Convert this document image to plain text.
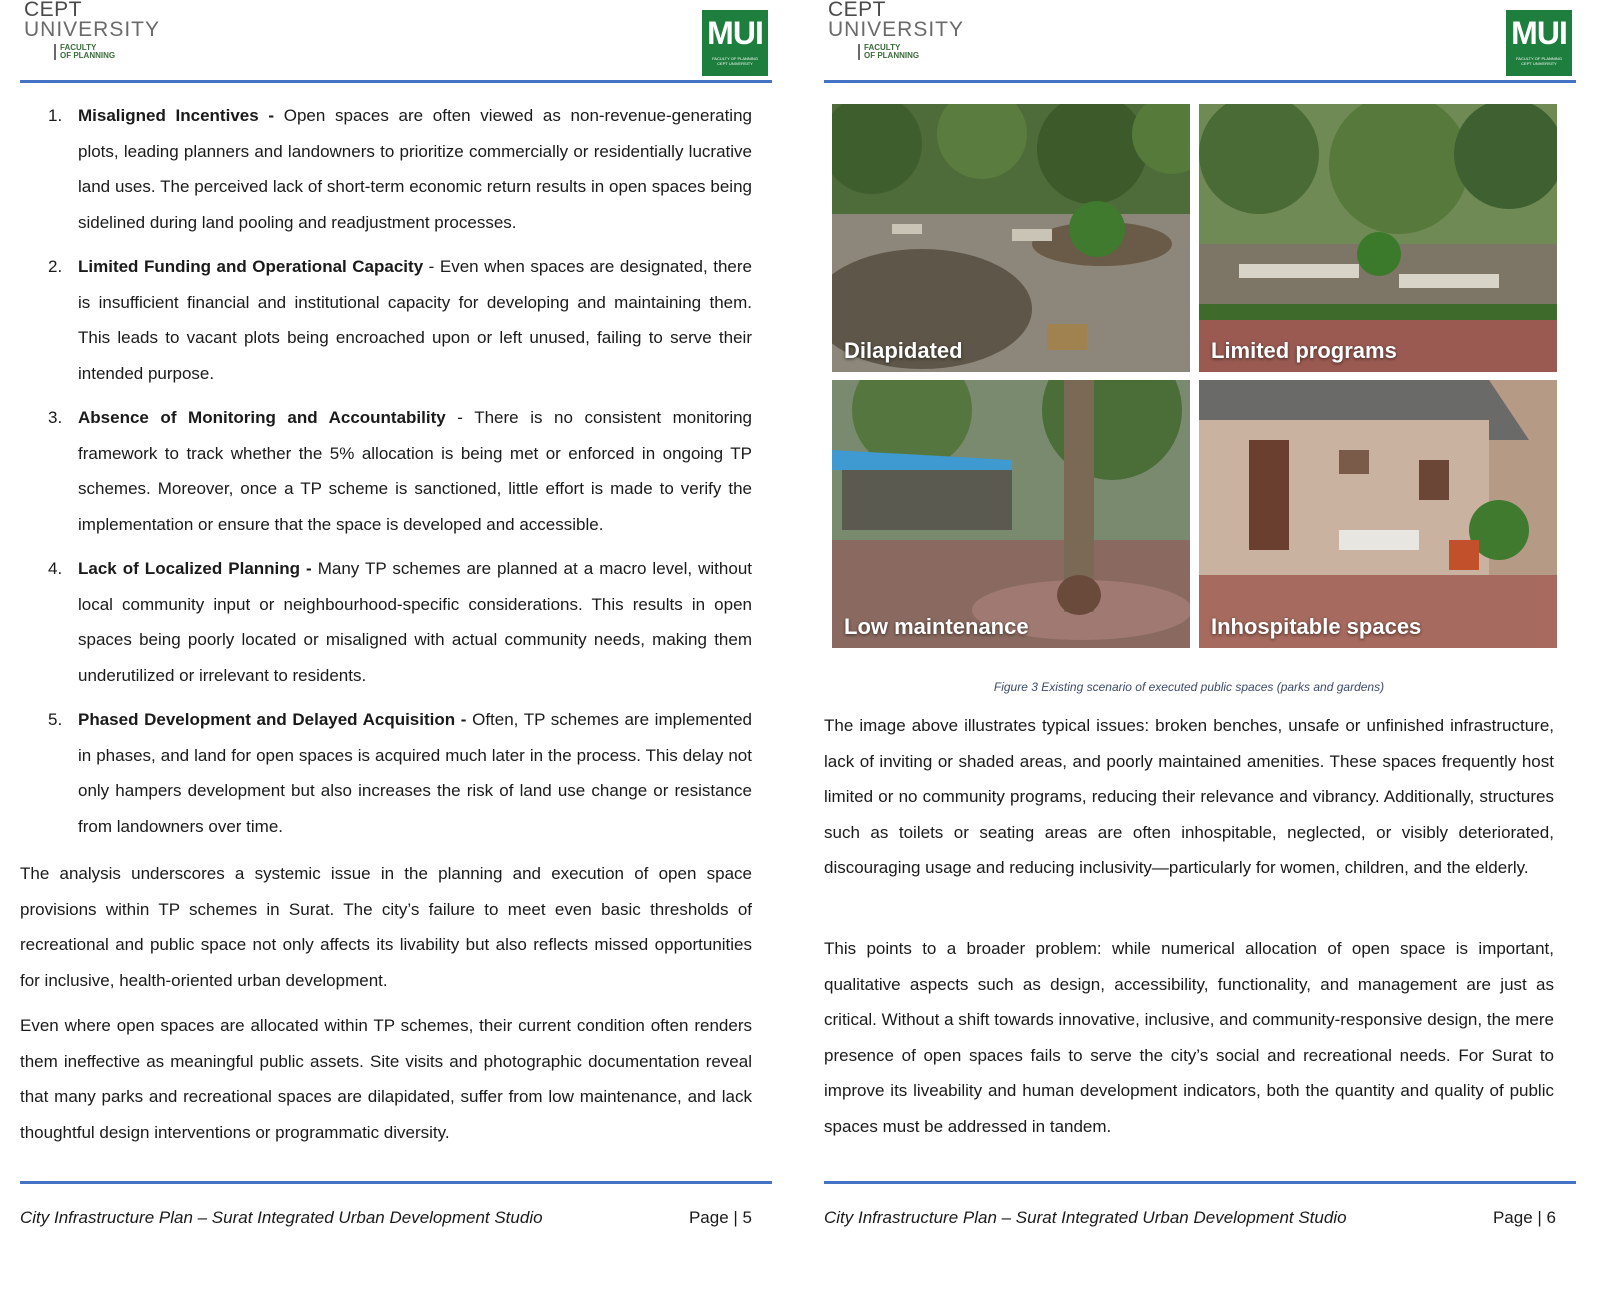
CEPT
UNIVERSITY
FACULTY
OF PLANNING
MUI
FACULTY OF PLANNING
CEPT UNIVERSITY
1. Misaligned Incentives - Open spaces are often viewed as non-revenue-generating plots, leading planners and landowners to prioritize commercially or residentially lucrative land uses. The perceived lack of short-term economic return results in open spaces being sidelined during land pooling and readjustment processes.
2. Limited Funding and Operational Capacity - Even when spaces are designated, there is insufficient financial and institutional capacity for developing and maintaining them. This leads to vacant plots being encroached upon or left unused, failing to serve their intended purpose.
3. Absence of Monitoring and Accountability - There is no consistent monitoring framework to track whether the 5% allocation is being met or enforced in ongoing TP schemes. Moreover, once a TP scheme is sanctioned, little effort is made to verify the implementation or ensure that the space is developed and accessible.
4. Lack of Localized Planning - Many TP schemes are planned at a macro level, without local community input or neighbourhood-specific considerations. This results in open spaces being poorly located or misaligned with actual community needs, making them underutilized or irrelevant to residents.
5. Phased Development and Delayed Acquisition - Often, TP schemes are implemented in phases, and land for open spaces is acquired much later in the process. This delay not only hampers development but also increases the risk of land use change or resistance from landowners over time.

The analysis underscores a systemic issue in the planning and execution of open space provisions within TP schemes in Surat. The city’s failure to meet even basic thresholds of recreational and public space not only affects its livability but also reflects missed opportunities for inclusive, health-oriented urban development.

Even where open spaces are allocated within TP schemes, their current condition often renders them ineffective as meaningful public assets. Site visits and photographic documentation reveal that many parks and recreational spaces are dilapidated, suffer from low maintenance, and lack thoughtful design interventions or programmatic diversity.

City Infrastructure Plan – Surat Integrated Urban Development Studio	Page | 5
CEPT
UNIVERSITY
FACULTY
OF PLANNING
MUI
FACULTY OF PLANNING
CEPT UNIVERSITY
Dilapidated	Limited programs
Low maintenance	Inhospitable spaces
Figure 3 Existing scenario of executed public spaces (parks and gardens)

The image above illustrates typical issues: broken benches, unsafe or unfinished infrastructure, lack of inviting or shaded areas, and poorly maintained amenities. These spaces frequently host limited or no community programs, reducing their relevance and vibrancy. Additionally, structures such as toilets or seating areas are often inhospitable, neglected, or visibly deteriorated, discouraging usage and reducing inclusivity—particularly for women, children, and the elderly.

This points to a broader problem: while numerical allocation of open space is important, qualitative aspects such as design, accessibility, functionality, and management are just as critical. Without a shift towards innovative, inclusive, and community-responsive design, the mere presence of open spaces fails to serve the city’s social and recreational needs. For Surat to improve its liveability and human development indicators, both the quantity and quality of public spaces must be addressed in tandem.

City Infrastructure Plan – Surat Integrated Urban Development Studio	Page | 6
